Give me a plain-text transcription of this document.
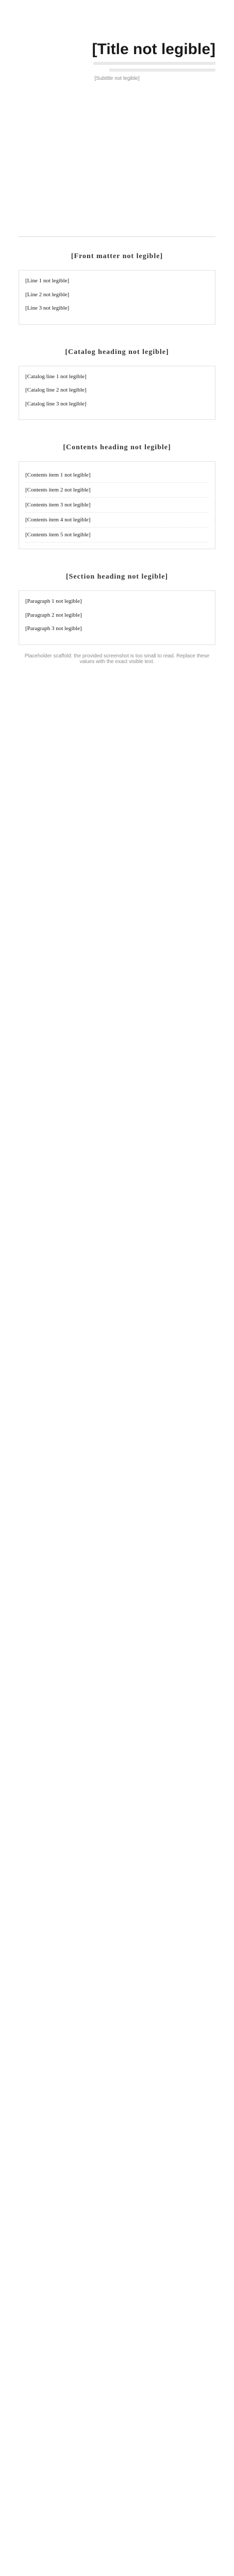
[Title not legible]
[Subtitle not legible]
[Front matter not legible]

[Line 1 not legible]

[Line 2 not legible]

[Line 3 not legible]

[Catalog heading not legible]

[Catalog line 1 not legible]

[Catalog line 2 not legible]

[Catalog line 3 not legible]

[Contents heading not legible]
[Contents item 1 not legible]
[Contents item 2 not legible]
[Contents item 3 not legible]
[Contents item 4 not legible]
[Contents item 5 not legible]
[Section heading not legible]

[Paragraph 1 not legible]

[Paragraph 2 not legible]

[Paragraph 3 not legible]

Placeholder scaffold: the provided screenshot is too small to read. Replace these values with the exact visible text.
